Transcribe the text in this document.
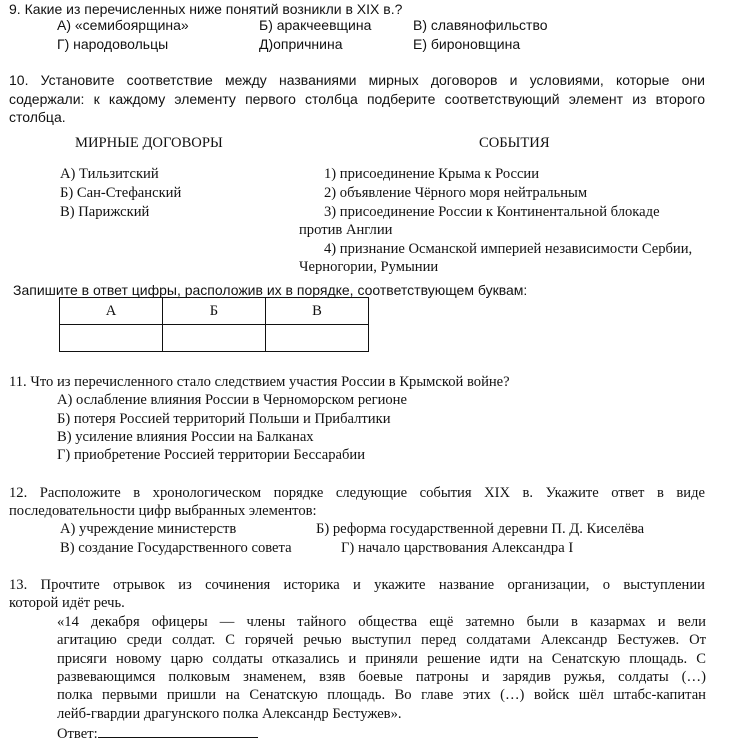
9. Какие из перечисленных ниже понятий возникли в XIX в.?
А) «семибоярщина»	Б) аракчеевщина	В) славянофильство
Г) народовольцы	Д)опричнина	Е) бироновщина
10. Установите соответствие между названиями мирных договоров и условиями, которые они
содержали: к каждому элементу первого столбца подберите соответствующий элемент из второго
столбца.
МИРНЫЕ ДОГОВОРЫ	СОБЫТИЯ
А) Тильзитский
Б) Сан-Стефанский
В) Парижский
1) присоединение Крыма к России
2) объявление Чёрного моря нейтральным
3) присоединение России к Континентальной блокаде
против Англии
4) признание Османской империей независимости Сербии,
Черногории, Румынии
Запишите в ответ цифры, расположив их в порядке, соответствующем буквам:
А	Б	В

11. Что из перечисленного стало следствием участия России в Крымской войне?
А) ослабление влияния России в Черноморском регионе
Б) потеря Россией территорий Польши и Прибалтики
В) усиление влияния России на Балканах
Г) приобретение Россией территории Бессарабии
12. Расположите в хронологическом порядке следующие события XIX в. Укажите ответ в виде
последовательности цифр выбранных элементов:
А) учреждение министерств	Б) реформа государственной деревни П. Д. Киселёва
В) создание Государственного совета	Г) начало царствования Александра I
13. Прочтите отрывок из сочинения историка и укажите название организации, о выступлении
которой идёт речь.
«14 декабря офицеры — члены тайного общества ещё затемно были в казармах и вели
агитацию среди солдат. С горячей речью выступил перед солдатами Александр Бестужев. От
присяги новому царю солдаты отказались и приняли решение идти на Сенатскую площадь. С
развевающимся полковым знаменем, взяв боевые патроны и зарядив ружья, солдаты (…)
полка первыми пришли на Сенатскую площадь. Во главе этих (…) войск шёл штабс-капитан
лейб-гвардии драгунского полка Александр Бестужев».
Ответ:
